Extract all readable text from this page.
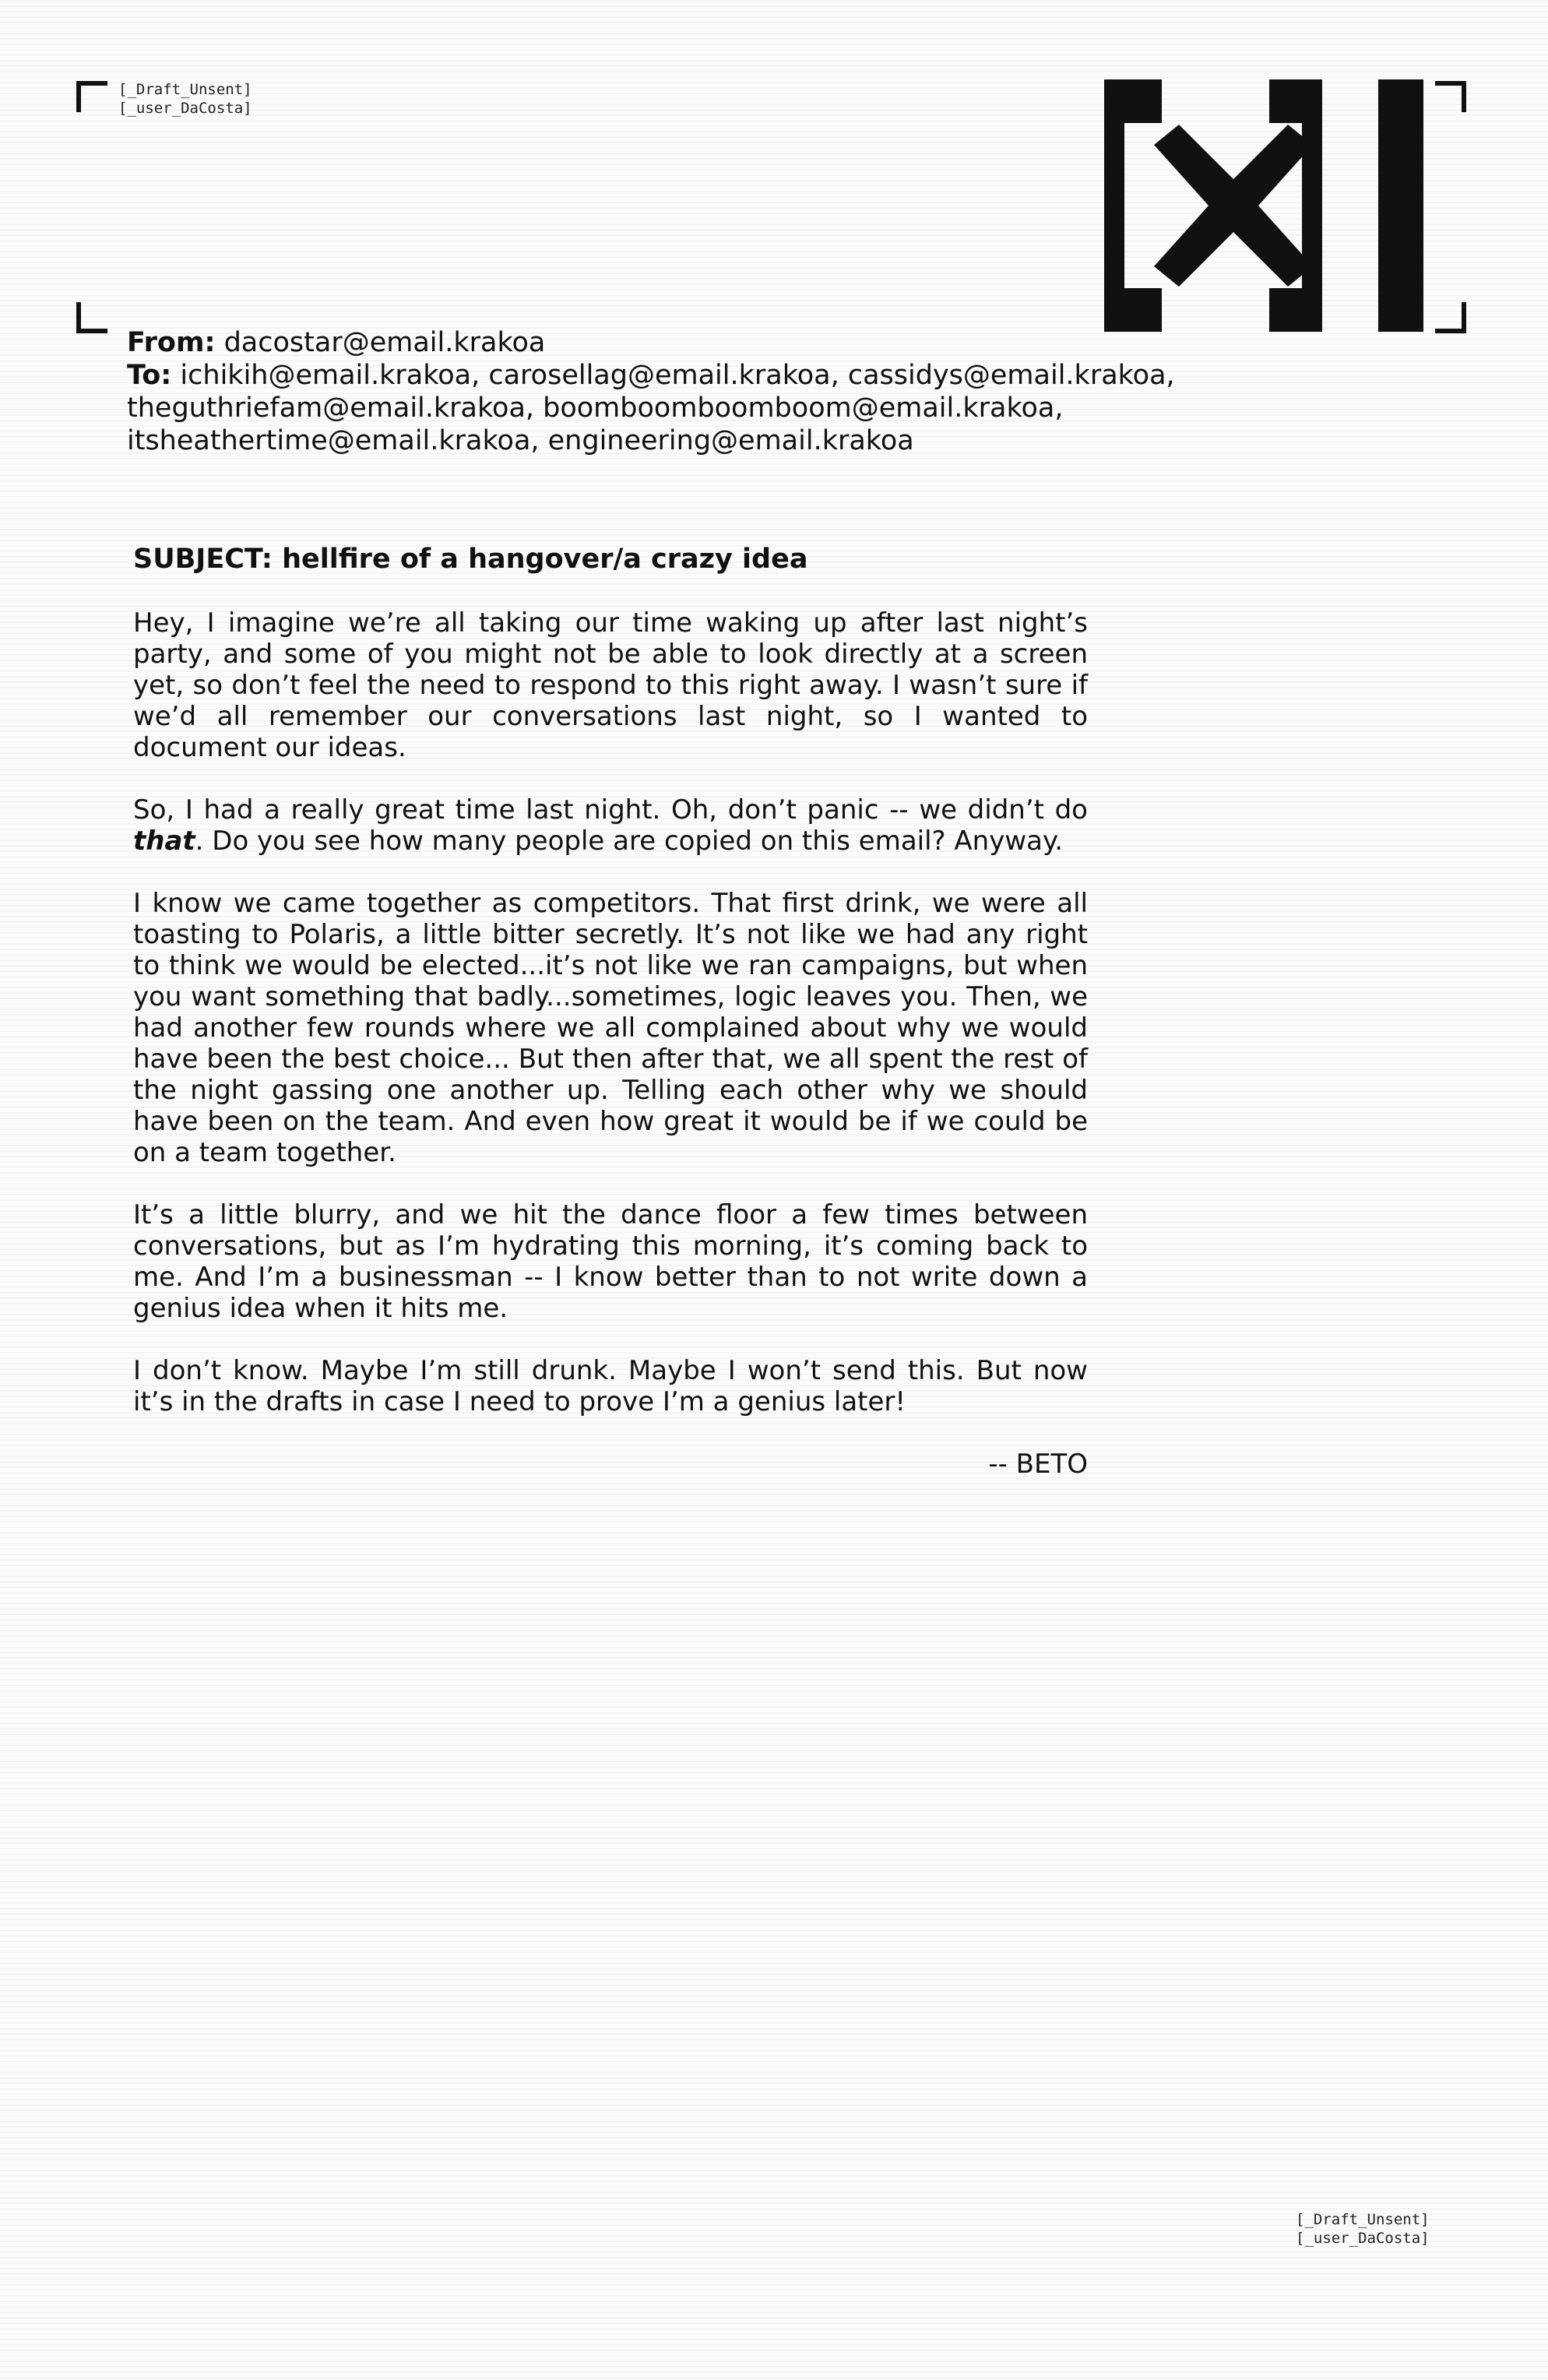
[_Draft_Unsent]
[_user_DaCosta]
From: dacostar@email.krakoa
To: ichikih@email.krakoa, carosellag@email.krakoa, cassidys@email.krakoa, theguthriefam@email.krakoa, boomboomboomboom@email.krakoa, itsheathertime@email.krakoa, engineering@email.krakoa
SUBJECT: hellfire of a hangover/a crazy idea

Hey, I imagine we’re all taking our time waking up after last night’s party, and some of you might not be able to look directly at a screen yet, so don’t feel the need to respond to this right away. I wasn’t sure if we’d all remember our conversations last night, so I wanted to document our ideas.

So, I had a really great time last night. Oh, don’t panic -- we didn’t do that. Do you see how many people are copied on this email? Anyway.

I know we came together as competitors. That first drink, we were all toasting to Polaris, a little bitter secretly. It’s not like we had any right to think we would be elected...it’s not like we ran campaigns, but when you want something that badly...sometimes, logic leaves you. Then, we had another few rounds where we all complained about why we would have been the best choice... But then after that, we all spent the rest of the night gassing one another up. Telling each other why we should have been on the team. And even how great it would be if we could be on a team together.

It’s a little blurry, and we hit the dance floor a few times between conversations, but as I’m hydrating this morning, it’s coming back to me. And I’m a businessman -- I know better than to not write down a genius idea when it hits me.

I don’t know. Maybe I’m still drunk. Maybe I won’t send this. But now it’s in the drafts in case I need to prove I’m a genius later!

-- BETO

[_Draft_Unsent]
[_user_DaCosta]
